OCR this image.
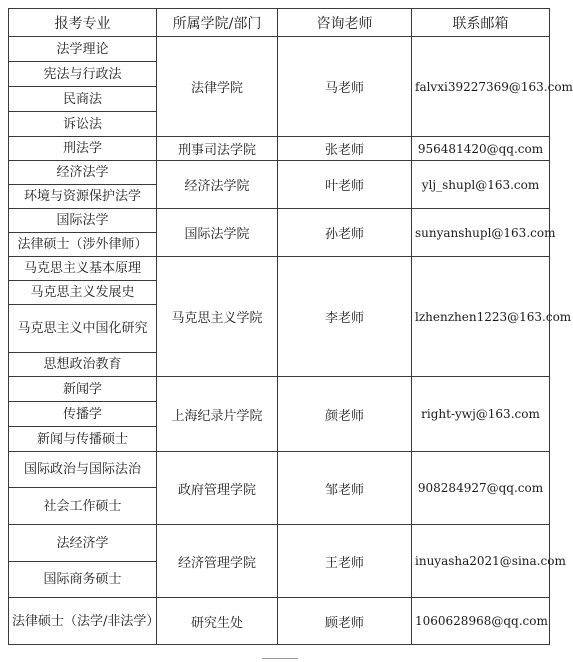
报考专业	所属学院/部门	咨询老师	联系邮箱
法学理论	法律学院	马老师	falvxi39227369@163.com
宪法与行政法			
民商法			
诉讼法			
刑法学	刑事司法学院	张老师	956481420@qq.com
经济法学	经济法学院	叶老师	ylj_shupl@163.com
环境与资源保护法学			
国际法学	国际法学院	孙老师	sunyanshupl@163.com
法律硕士（涉外律师）			
马克思主义基本原理	马克思主义学院	李老师	lzhenzhen1223@163.com
马克思主义发展史			
马克思主义中国化研究			
思想政治教育			
新闻学	上海纪录片学院	颜老师	right-ywj@163.com
传播学			
新闻与传播硕士			
国际政治与国际法治	政府管理学院	邹老师	908284927@qq.com
社会工作硕士			
法经济学	经济管理学院	王老师	inuyasha2021@sina.com
国际商务硕士			
法律硕士（法学/非法学）	研究生处	顾老师	1060628968@qq.com
